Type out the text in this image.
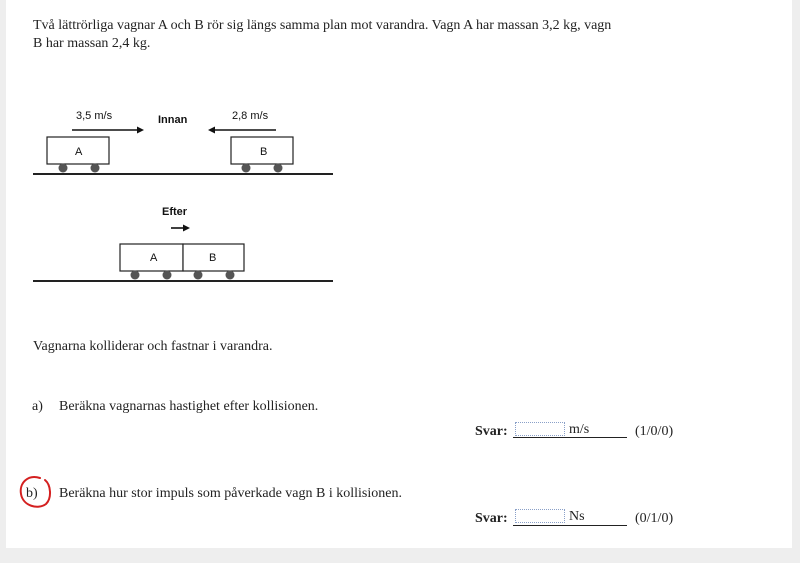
Två lättrörliga vagnar A och B rör sig längs samma plan mot varandra. Vagn A har massan 3,2 kg, vagn
B har massan 2,4 kg.
3,5 m/s	Innan	2,8 m/s
A	B
Efter
A	B
Vagnarna kolliderar och fastnar i varandra.
a) Beräkna vagnarnas hastighet efter kollisionen.
Svar:	m/s	(1/0/0)
b) Beräkna hur stor impuls som påverkade vagn B i kollisionen.
Svar:	Ns	(0/1/0)
